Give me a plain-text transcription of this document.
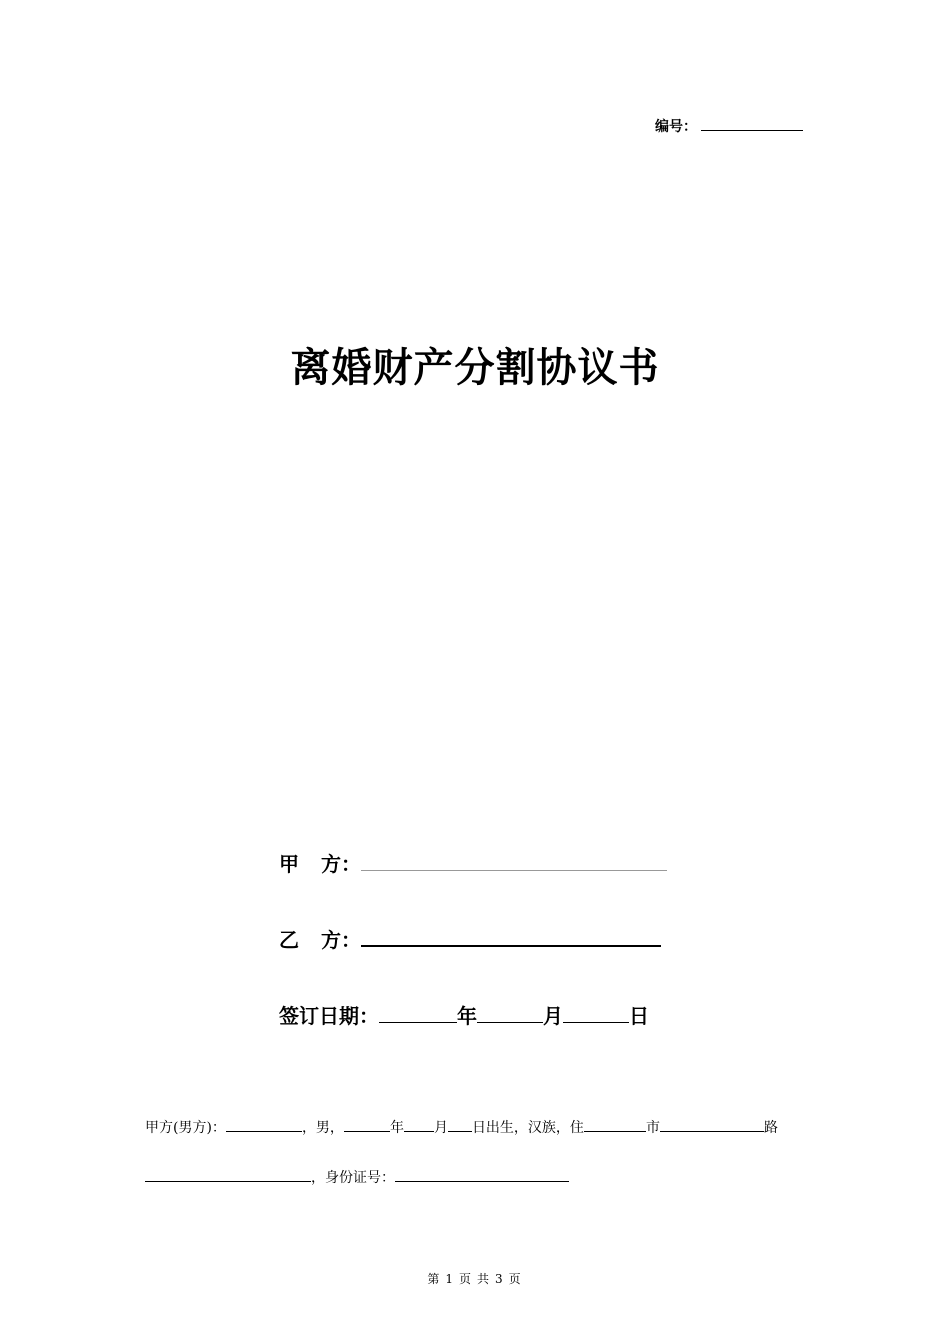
编号：
离婚财产分割协议书
甲 方：
乙 方：
签订日期：	年	月	日
甲方(男方)：	，男，	年 月 日出生，汉族，住	市	路
，身份证号：
第 1 页 共 3 页
